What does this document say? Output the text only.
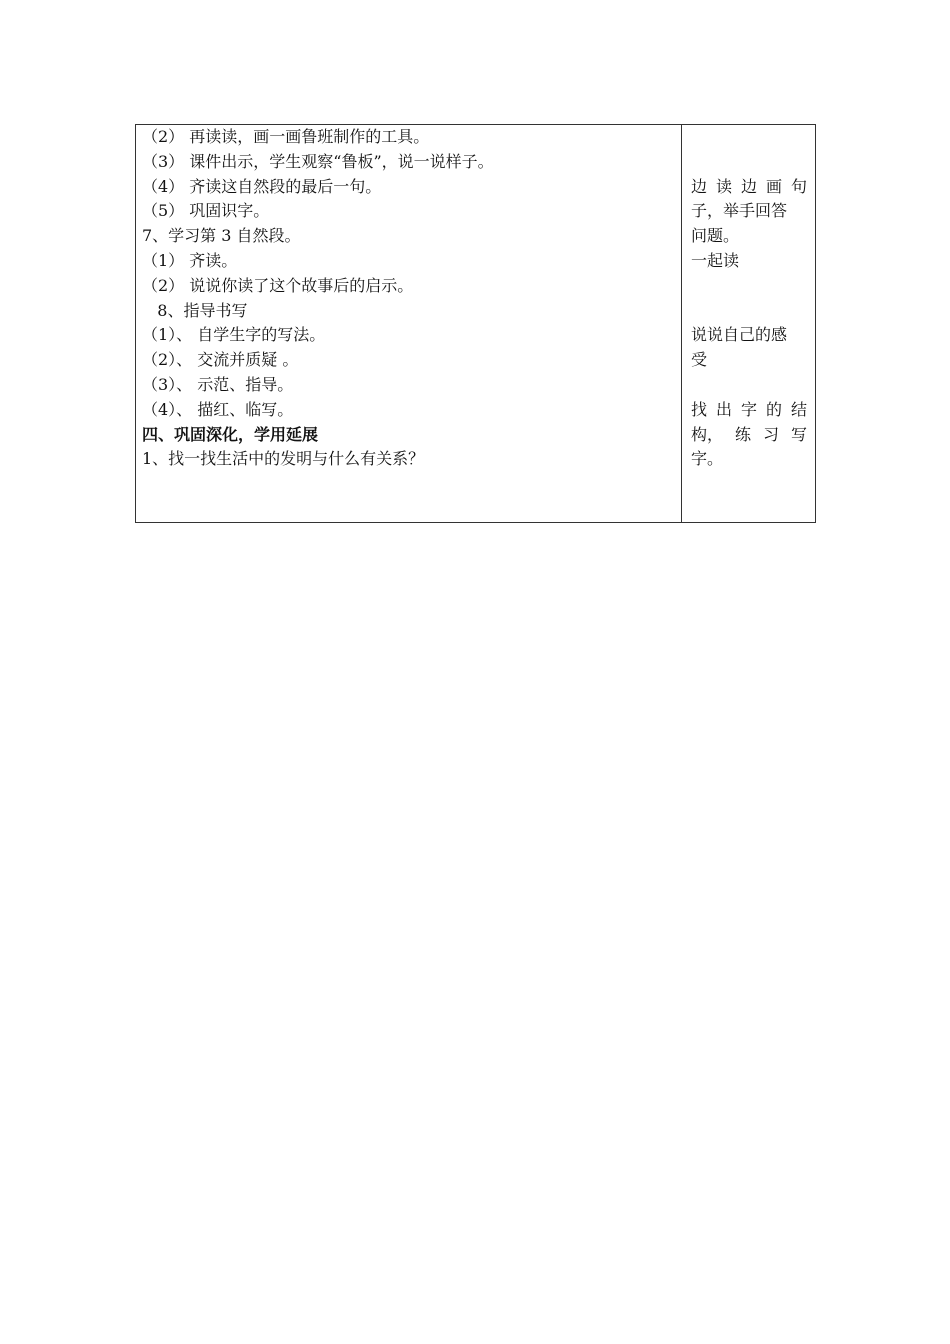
（2） 再读读，画一画鲁班制作的工具。
（3） 课件出示，学生观察“鲁板”，说一说样子。
（4） 齐读这自然段的最后一句。
（5） 巩固识字。
7、学习第 3 自然段。
（1） 齐读。
（2） 说说你读了这个故事后的启示。
8、指导书写
（1）、 自学生字的写法。
（2）、 交流并质疑 。
（3）、 示范、指导。
（4）、 描红、临写。
四、巩固深化，学用延展
1、找一找生活中的发明与什么有关系？
边 读 边 画 句
子，举手回答
问题。
一起读
说说自己的感
受
找 出 字 的 结
构， 练 习 写
字。
